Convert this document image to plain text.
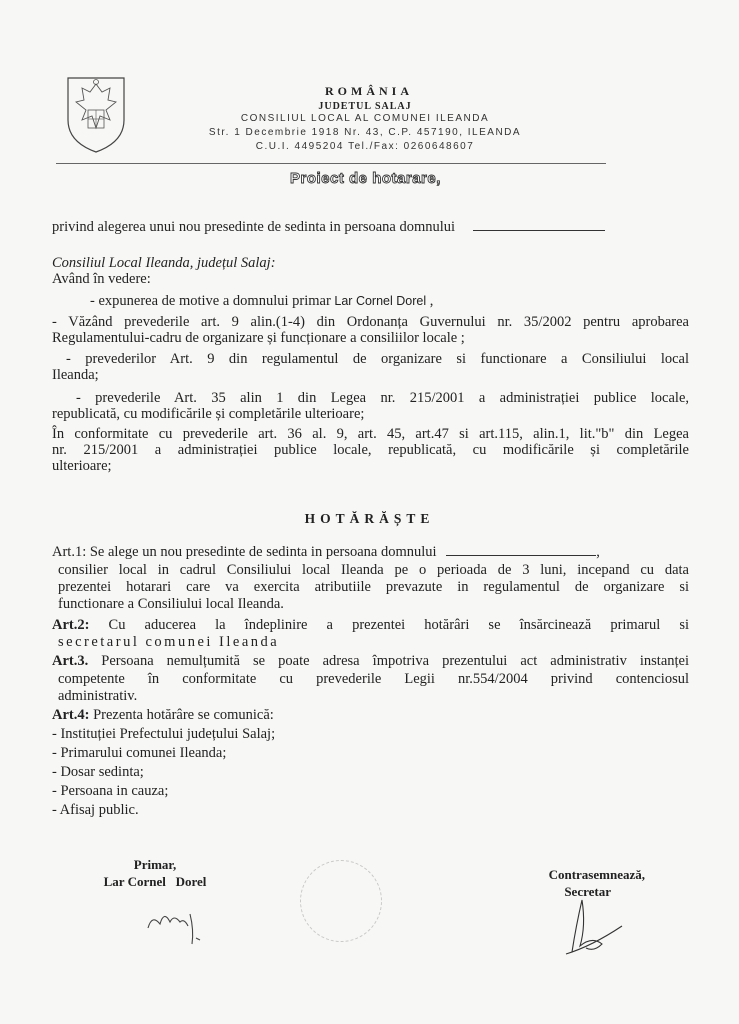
ROMÂNIA
JUDETUL SALAJ
CONSILIUL LOCAL AL COMUNEI ILEANDA
Str. 1 Decembrie 1918 Nr. 43, C.P. 457190, ILEANDA
C.U.I. 4495204 Tel./Fax: 0260648607
Proiect de hotarare,
privind alegerea unui nou presedinte de sedinta in persoana domnului
Consiliul Local Ileanda, județul Salaj:
Având în vedere:
- expunerea de motive a domnului primar Lar Cornel Dorel ,
- Văzând prevederile art. 9 alin.(1-4) din Ordonanța Guvernului nr. 35/2002 pentru aprobarea
Regulamentului-cadru de organizare și funcționare a consiliilor locale ;
- prevederilor Art. 9 din regulamentul de organizare si functionare a Consiliului local
Ileanda;
- prevederile Art. 35 alin 1 din Legea nr. 215/2001 a administrației publice locale,
republicată, cu modificările și completările ulterioare;
În conformitate cu prevederile art. 36 al. 9, art. 45, art.47 si art.115, alin.1, lit."b" din Legea
nr. 215/2001 a administrației publice locale, republicată, cu modificările și completările
ulterioare;
HOTĂRĂȘTE
Art.1: Se alege un nou presedinte de sedinta in persoana domnului	,
consilier local in cadrul Consiliului local Ileanda pe o perioada de 3 luni, incepand cu data
prezentei hotarari care va exercita atributiile prevazute in regulamentul de organizare si
functionare a Consiliului local Ileanda.
Art.2: Cu aducerea la îndeplinire a prezentei hotărâri se însărcinează primarul si
secretarul comunei Ileanda
Art.3. Persoana nemulțumită se poate adresa împotriva prezentului act administrativ instanței
competente în conformitate cu prevederile Legii nr.554/2004 privind contenciosul
administrativ.
Art.4: Prezenta hotărâre se comunică:
- Instituției Prefectului județului Salaj;
- Primarului comunei Ileanda;
- Dosar sedinta;
- Persoana in cauza;
- Afisaj public.
Primar,
Lar Cornel   Dorel	Contrasemnează,
Secretar
